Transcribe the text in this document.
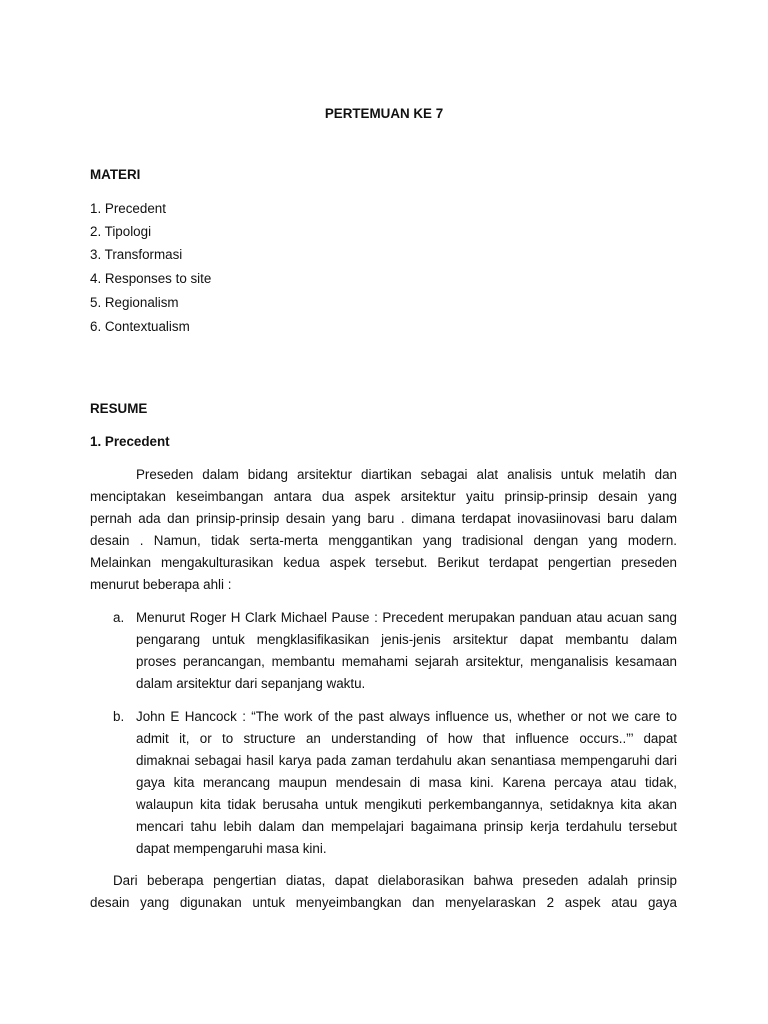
PERTEMUAN KE 7
MATERI
1. Precedent
2. Tipologi
3. Transformasi
4. Responses to site
5. Regionalism
6. Contextualism
RESUME
1. Precedent
Preseden dalam bidang arsitektur diartikan sebagai alat analisis untuk melatih dan
menciptakan keseimbangan antara dua aspek arsitektur yaitu prinsip-prinsip desain yang
pernah ada dan prinsip-prinsip desain yang baru . dimana terdapat inovasiinovasi baru dalam
desain . Namun, tidak serta-merta menggantikan yang tradisional dengan yang modern.
Melainkan mengakulturasikan kedua aspek tersebut. Berikut terdapat pengertian preseden
menurut beberapa ahli :
a. Menurut Roger H Clark Michael Pause : Precedent merupakan panduan atau acuan sang
pengarang untuk mengklasifikasikan jenis-jenis arsitektur dapat membantu dalam
proses perancangan, membantu memahami sejarah arsitektur, menganalisis kesamaan
dalam arsitektur dari sepanjang waktu.
b. John E Hancock : “The work of the past always influence us, whether or not we care to
admit it, or to structure an understanding of how that influence occurs..”’ dapat
dimaknai sebagai hasil karya pada zaman terdahulu akan senantiasa mempengaruhi dari
gaya kita merancang maupun mendesain di masa kini. Karena percaya atau tidak,
walaupun kita tidak berusaha untuk mengikuti perkembangannya, setidaknya kita akan
mencari tahu lebih dalam dan mempelajari bagaimana prinsip kerja terdahulu tersebut
dapat mempengaruhi masa kini.
Dari beberapa pengertian diatas, dapat dielaborasikan bahwa preseden adalah prinsip
desain yang digunakan untuk menyeimbangkan dan menyelaraskan 2 aspek atau gaya
